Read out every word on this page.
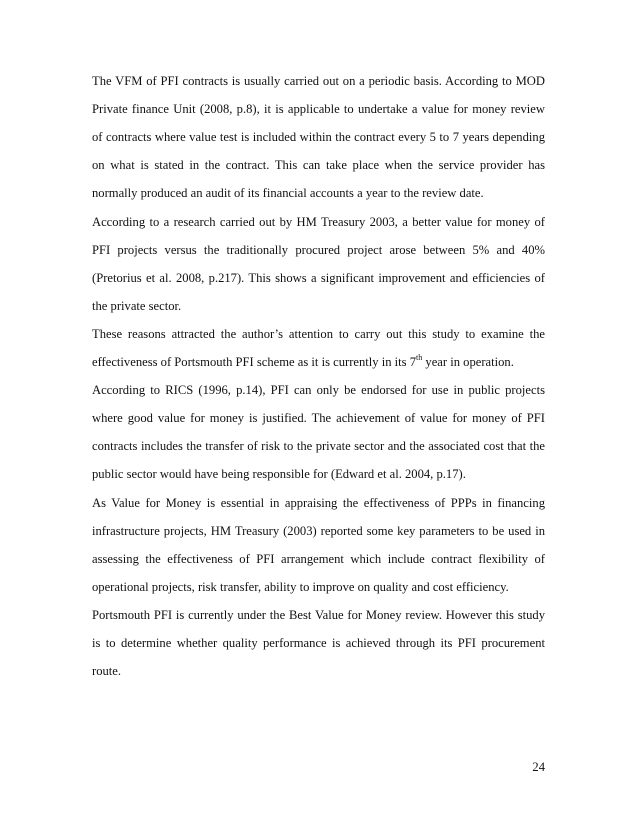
The VFM of PFI contracts is usually carried out on a periodic basis. According to MOD
Private finance Unit (2008, p.8), it is applicable to undertake a value for money review
of contracts where value test is included within the contract every 5 to 7 years depending
on what is stated in the contract. This can take place when the service provider has
normally produced an audit of its financial accounts a year to the review date.
According to a research carried out by HM Treasury 2003, a better value for money of
PFI projects versus the traditionally procured project arose between 5% and 40%
(Pretorius et al. 2008, p.217). This shows a significant improvement and efficiencies of
the private sector.
These reasons attracted the author’s attention to carry out this study to examine the
effectiveness of Portsmouth PFI scheme as it is currently in its 7th year in operation.
According to RICS (1996, p.14), PFI can only be endorsed for use in public projects
where good value for money is justified. The achievement of value for money of PFI
contracts includes the transfer of risk to the private sector and the associated cost that the
public sector would have being responsible for (Edward et al. 2004, p.17).
As Value for Money is essential in appraising the effectiveness of PPPs in financing
infrastructure projects, HM Treasury (2003) reported some key parameters to be used in
assessing the effectiveness of PFI arrangement which include contract flexibility of
operational projects, risk transfer, ability to improve on quality and cost efficiency.
Portsmouth PFI is currently under the Best Value for Money review. However this study
is to determine whether quality performance is achieved through its PFI procurement
route.
24
